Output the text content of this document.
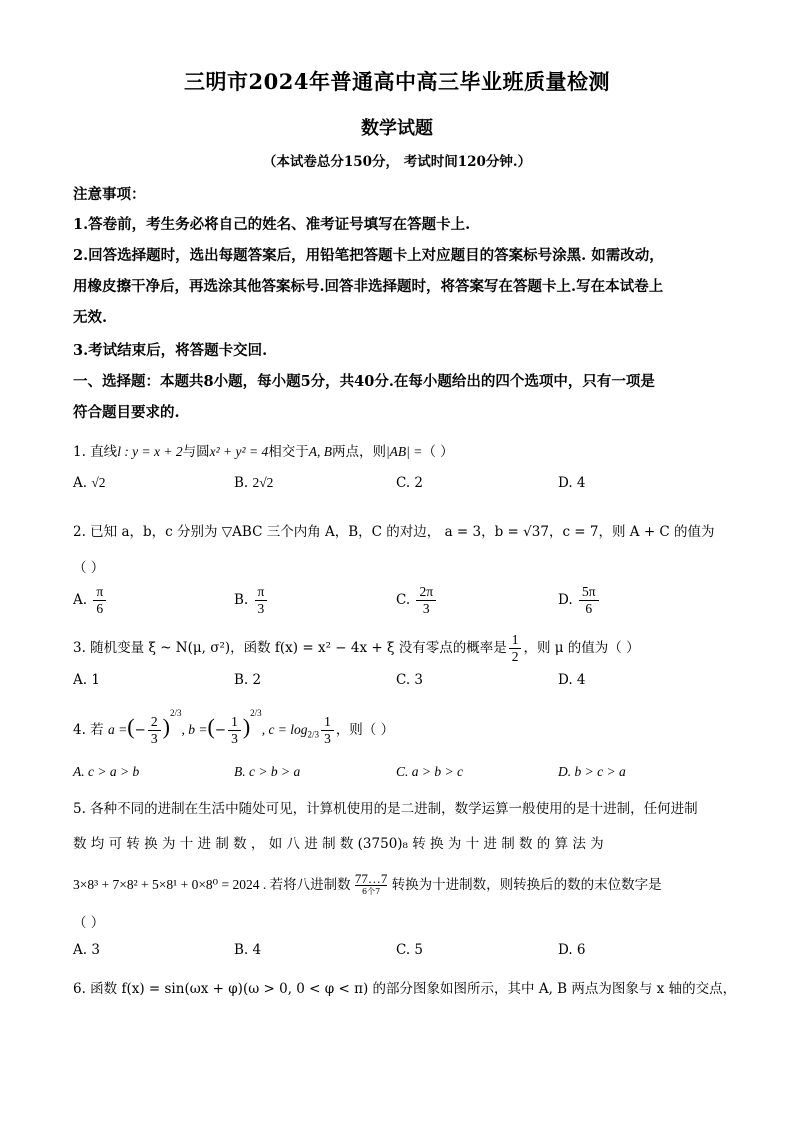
三明市2024年普通高中高三毕业班质量检测
数学试题
（本试卷总分150分， 考试时间120分钟.）
注意事项：
1.答卷前，考生务必将自己的姓名、准考证号填写在答题卡上.
2.回答选择题时，选出每题答案后，用铅笔把答题卡上对应题目的答案标号涂黑. 如需改动，
用橡皮擦干净后，再选涂其他答案标号.回答非选择题时，将答案写在答题卡上.写在本试卷上
无效.
3.考试结束后，将答题卡交回.
一、选择题：本题共8小题，每小题5分，共40分.在每小题给出的四个选项中，只有一项是
符合题目要求的.
1. 直线l : y = x + 2与圆x² + y² = 4相交于A, B两点，则|AB| =（ ）
A. √2	B. 2√2	C. 2	D. 4
2. 已知 a，b，c 分别为 ▽ABC 三个内角 A，B，C 的对边， a = 3，b = √37，c = 7，则 A + C 的值为
（ ）
A. $\frac{\pi}{6}$	B. $\frac{\pi}{3}$	C. $\frac{2\pi}{3}$	D. $\frac{5\pi}{6}$
3. 随机变量 ξ ~ N(μ, σ²)，函数 f(x) = x² − 4x + ξ 没有零点的概率是 $\frac{1}{2}$ ，则 μ 的值为（ ）
A. 1	B. 2	C. 3	D. 4
4. 若 a =(− $\frac{2}{3} )^{2/3}$, b =(− $\frac{1}{3} )^{2/3}$, $c = \log_{2/3} \frac{1}{3}$ ，则（ ）
A. c > a > b	B. c > b > a	C. a > b > c	D. b > c > a
5. 各种不同的进制在生活中随处可见，计算机使用的是二进制，数学运算一般使用的是十进制，任何进制
数 均 可 转 换 为 十 进 制 数 ， 如 八 进 制 数 (3750)₈ 转 换 为 十 进 制 数 的 算 法 为
3×8³ + 7×8² + 5×8¹ + 0×8⁰ = 2024 . 若将八进制数 77…7
6个7 转换为十进制数，则转换后的数的末位数字是
（ ）
A. 3	B. 4	C. 5	D. 6
6. 函数 f(x) = sin(ωx + φ)(ω > 0, 0 < φ < π) 的部分图象如图所示，其中 A, B 两点为图象与 x 轴的交点，
